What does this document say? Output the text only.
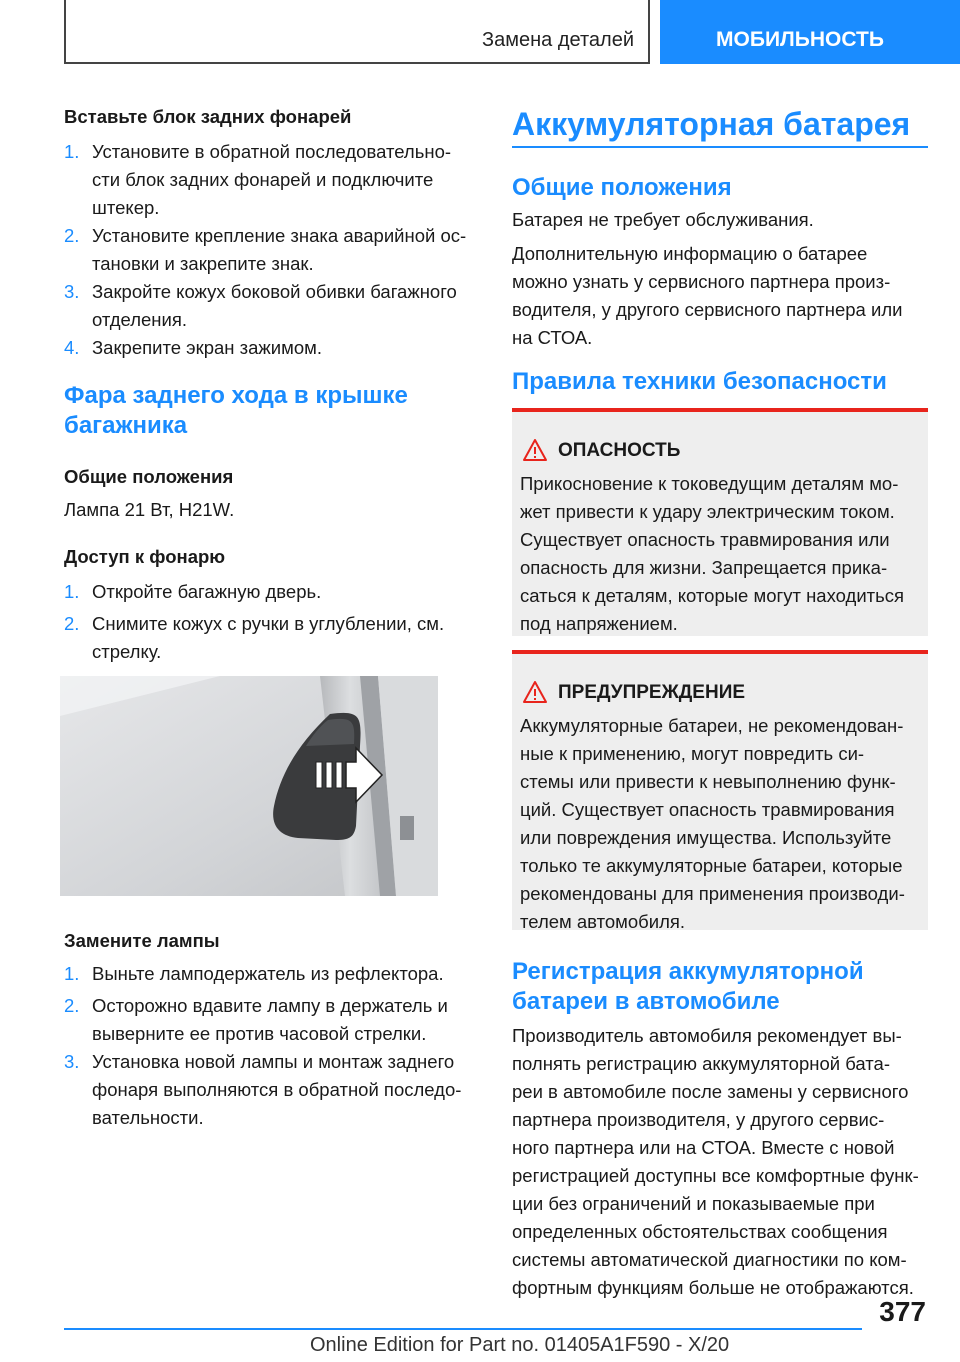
Замена деталей	МОБИЛЬНОСТЬ
Вставьте блок задних фонарей
1. Установите в обратной последовательно-
сти блок задних фонарей и подключите
штекер.
2. Установите крепление знака аварийной ос-
тановки и закрепите знак.
3. Закройте кожух боковой обивки багажного
отделения.
4. Закрепите экран зажимом.
Фара заднего хода в крышке
багажника
Общие положения
Лампа 21 Вт, H21W.
Доступ к фонарю
1. Откройте багажную дверь.
2. Снимите кожух с ручки в углублении, см.
стрелку.
Замените лампы
1. Выньте ламподержатель из рефлектора.
2. Осторожно вдавите лампу в держатель и
выверните ее против часовой стрелки.
3. Установка новой лампы и монтаж заднего
фонаря выполняются в обратной последо-
вательности.
Аккумуляторная батарея
Общие положения
Батарея не требует обслуживания.
Дополнительную информацию о батарее
можно узнать у сервисного партнера произ-
водителя, у другого сервисного партнера или
на СТОА.
Правила техники безопасности
ОПАСНОСТЬ
Прикосновение к токоведущим деталям мо-
жет привести к удару электрическим током.
Существует опасность травмирования или
опасность для жизни. Запрещается прика-
саться к деталям, которые могут находиться
под напряжением.
ПРЕДУПРЕЖДЕНИЕ
Аккумуляторные батареи, не рекомендован-
ные к применению, могут повредить си-
стемы или привести к невыполнению функ-
ций. Существует опасность травмирования
или повреждения имущества. Используйте
только те аккумуляторные батареи, которые
рекомендованы для применения производи-
телем автомобиля.
Регистрация аккумуляторной
батареи в автомобиле
Производитель автомобиля рекомендует вы-
полнять регистрацию аккумуляторной бата-
реи в автомобиле после замены у сервисного
партнера производителя, у другого сервис-
ного партнера или на СТОА. Вместе с новой
регистрацией доступны все комфортные функ-
ции без ограничений и показываемые при
определенных обстоятельствах сообщения
системы автоматической диагностики по ком-
фортным функциям больше не отображаются.
377
Online Edition for Part no. 01405A1F590 - X/20
